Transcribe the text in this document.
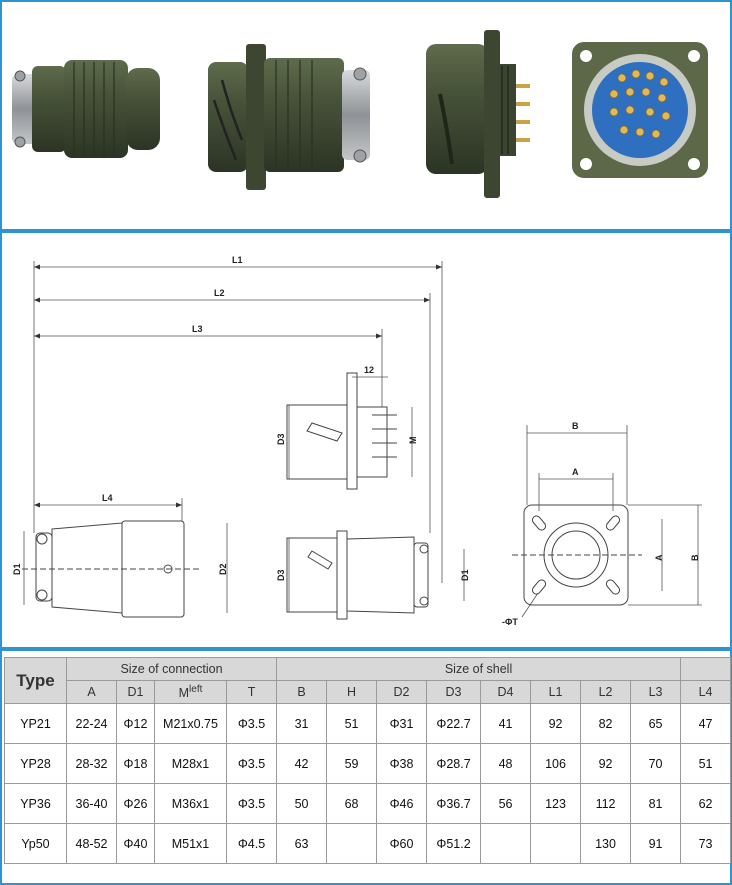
L1
L2
L3
L4
D1	D2
D3	M
12
D3	D1
B
A
A	B
-ΦT
Type	Size of connection				Size of shell								
	A	D1	$M^{left}$	T	B	H	D2	D3	D4	L1	L2	L3	L4
YP21	22-24	Φ12	M21x0.75	Φ3.5	31	51	Φ31	Φ22.7	41	92	82	65	47
YP28	28-32	Φ18	M28x1	Φ3.5	42	59	Φ38	Φ28.7	48	106	92	70	51
YP36	36-40	Φ26	M36x1	Φ3.5	50	68	Φ46	Φ36.7	56	123	112	81	62
Yp50	48-52	Φ40	M51x1	Φ4.5	63		Φ60	Φ51.2			130	91	73
